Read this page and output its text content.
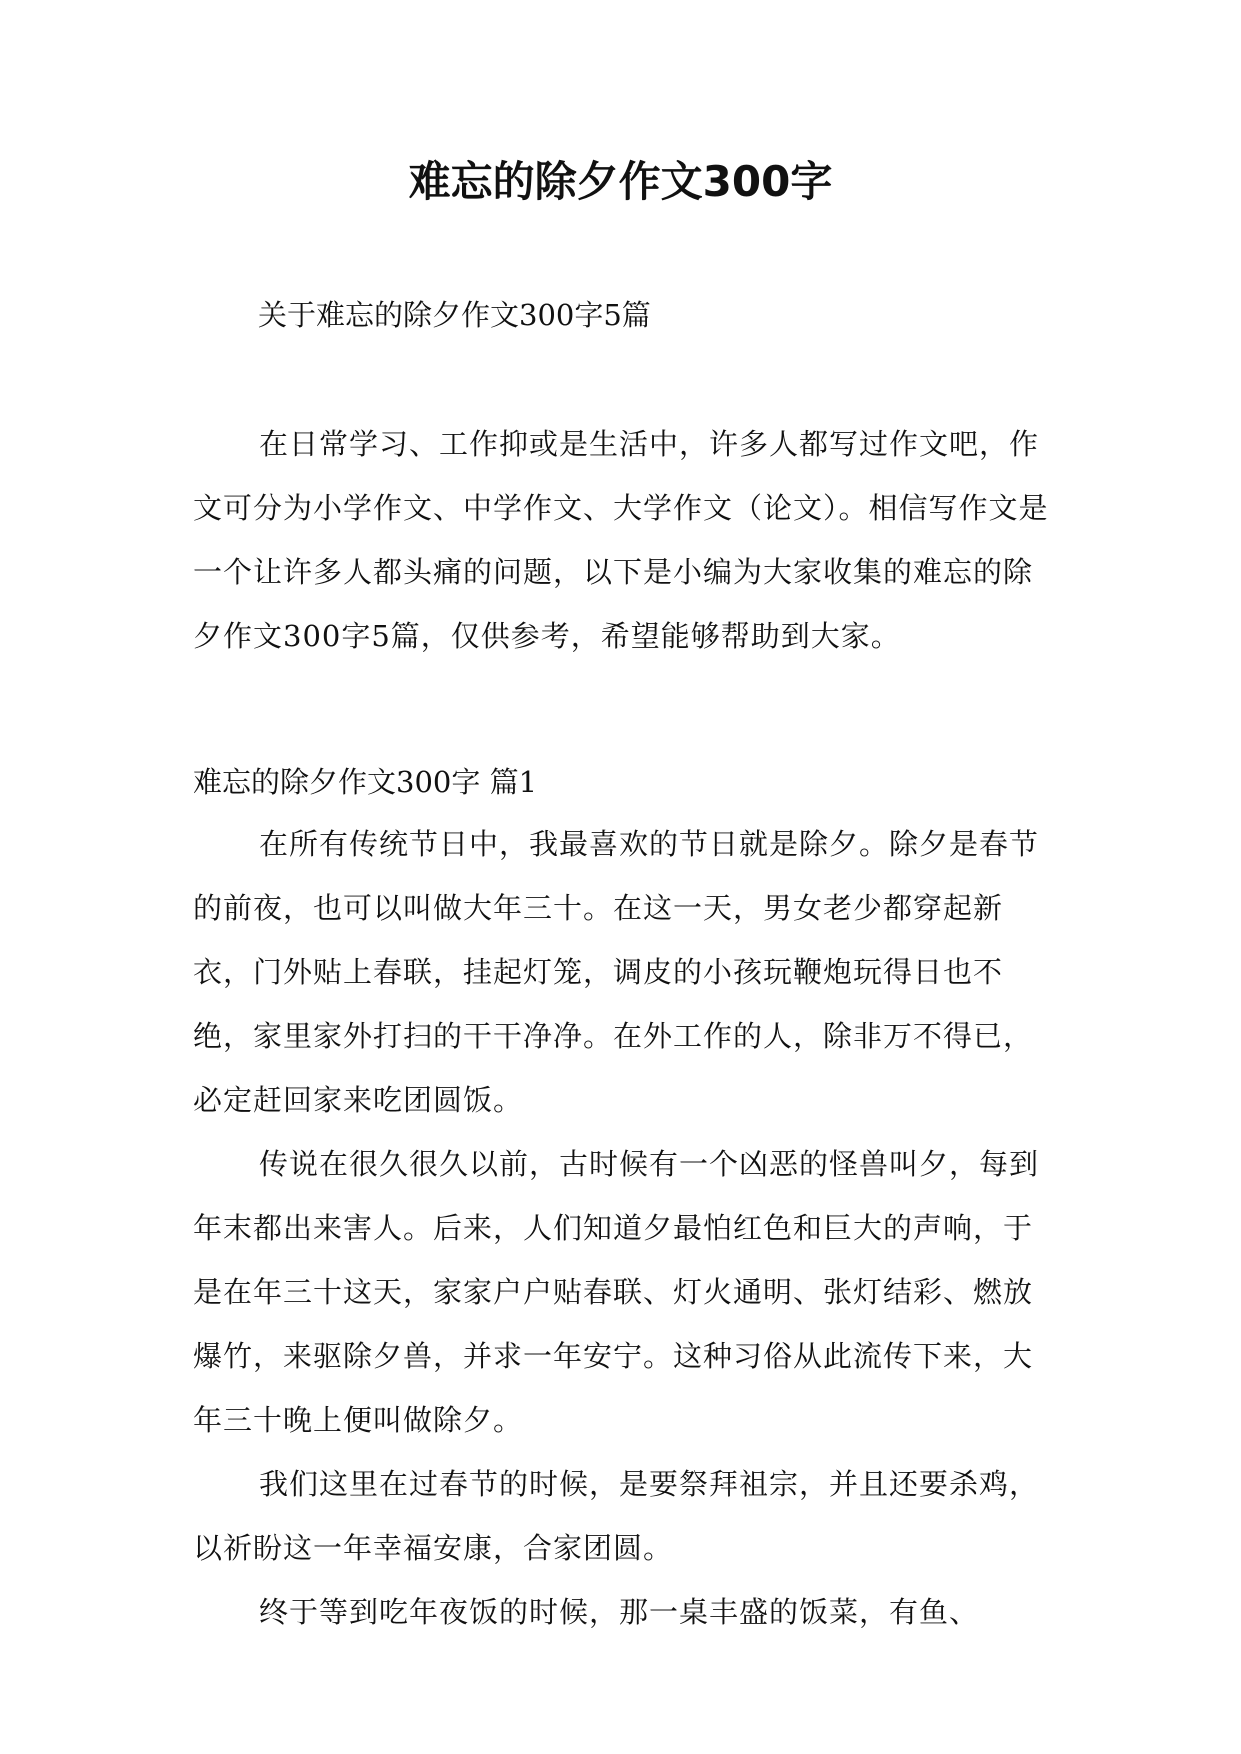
难忘的除夕作文300字

关于难忘的除夕作文300字5篇

在日常学习、工作抑或是生活中，许多人都写过作文吧，作文可分为小学作文、中学作文、大学作文（论文）。相信写作文是一个让许多人都头痛的问题，以下是小编为大家收集的难忘的除夕作文300字5篇，仅供参考，希望能够帮助到大家。

难忘的除夕作文300字 篇1

在所有传统节日中，我最喜欢的节日就是除夕。除夕是春节的前夜，也可以叫做大年三十。在这一天，男女老少都穿起新衣，门外贴上春联，挂起灯笼，调皮的小孩玩鞭炮玩得日也不绝，家里家外打扫的干干净净。在外工作的人，除非万不得已，必定赶回家来吃团圆饭。

传说在很久很久以前，古时候有一个凶恶的怪兽叫夕，每到年末都出来害人。后来，人们知道夕最怕红色和巨大的声响，于是在年三十这天，家家户户贴春联、灯火通明、张灯结彩、燃放爆竹，来驱除夕兽，并求一年安宁。这种习俗从此流传下来，大年三十晚上便叫做除夕。

我们这里在过春节的时候，是要祭拜祖宗，并且还要杀鸡，以祈盼这一年幸福安康，合家团圆。

终于等到吃年夜饭的时候，那一桌丰盛的饭菜，有鱼、
